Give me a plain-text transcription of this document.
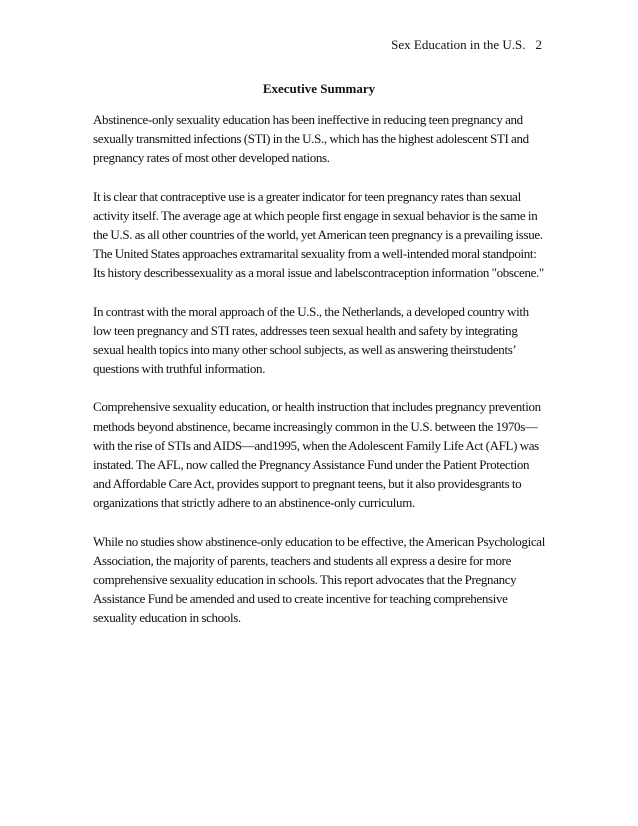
Sex Education in the U.S. 2
Executive Summary

Abstinence-only sexuality education has been ineffective in reducing teen pregnancy and sexually transmitted infections (STI) in the U.S., which has the highest adolescent STI and pregnancy rates of most other developed nations.

It is clear that contraceptive use is a greater indicator for teen pregnancy rates than sexual activity itself. The average age at which people first engage in sexual behavior is the same in the U.S. as all other countries of the world, yet American teen pregnancy is a prevailing issue. The United States approaches extramarital sexuality from a well-intended moral standpoint: Its history describessexuality as a moral issue and labelscontraception information "obscene."

In contrast with the moral approach of the U.S., the Netherlands, a developed country with low teen pregnancy and STI rates, addresses teen sexual health and safety by integrating sexual health topics into many other school subjects, as well as answering theirstudents’ questions with truthful information.

Comprehensive sexuality education, or health instruction that includes pregnancy prevention methods beyond abstinence, became increasingly common in the U.S. between the 1970s—with the rise of STIs and AIDS—and1995, when the Adolescent Family Life Act (AFL) was instated. The AFL, now called the Pregnancy Assistance Fund under the Patient Protection and Affordable Care Act, provides support to pregnant teens, but it also providesgrants to organizations that strictly adhere to an abstinence-only curriculum.

While no studies show abstinence-only education to be effective, the American Psychological Association, the majority of parents, teachers and students all express a desire for more comprehensive sexuality education in schools. This report advocates that the Pregnancy Assistance Fund be amended and used to create incentive for teaching comprehensive sexuality education in schools.
